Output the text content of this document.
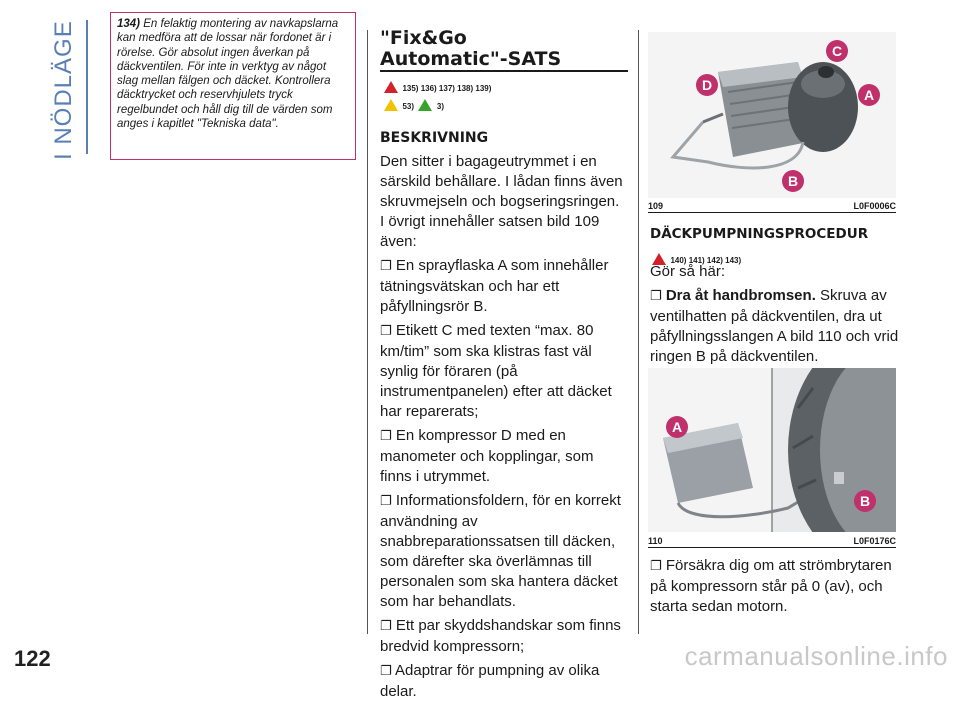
I NÖDLÄGE	134) En felaktig montering av navkapslarna kan medföra att de lossar när fordonet är i rörelse. Gör absolut ingen åverkan på däckventilen. För inte in verktyg av något slag mellan fälgen och däcket. Kontrollera däcktrycket och reservhjulets tryck regelbundet och håll dig till de värden som anges i kapitlet "Tekniska data".
"Fix&Go
Automatic"-SATS
135) 136) 137) 138) 139)
53)	3)
BESKRIVNING

Den sitter i bagageutrymmet i en särskild behållare. I lådan finns även skruvmejseln och bogseringsringen.

I övrigt innehåller satsen bild 109 även:

❐ En sprayflaska A som innehåller tätningsvätskan och har ett påfyllningsrör B.

❐ Etikett C med texten “max. 80 km/tim” som ska klistras fast väl synlig för föraren (på instrumentpanelen) efter att däcket har reparerats;

❐ En kompressor D med en manometer och kopplingar, som finns i utrymmet.

❐ Informationsfoldern, för en korrekt användning av snabbreparationssatsen till däcken, som därefter ska överlämnas till personalen som ska hantera däcket som har behandlats.

❐ Ett par skyddshandskar som finns bredvid kompressorn;

❐ Adaptrar för pumpning av olika delar.

C
D
A
B
109	L0F0006C
DÄCKPUMPNINGSPROCEDUR
140) 141) 142) 143)

Gör så här:

❐ Dra åt handbromsen. Skruva av ventilhatten på däckventilen, dra ut påfyllningsslangen A bild 110 och vrid ringen B på däckventilen.

A
B
110	L0F0176C

❐ Försäkra dig om att strömbrytaren på kompressorn står på 0 (av), och starta sedan motorn.

122	carmanualsonline.info
